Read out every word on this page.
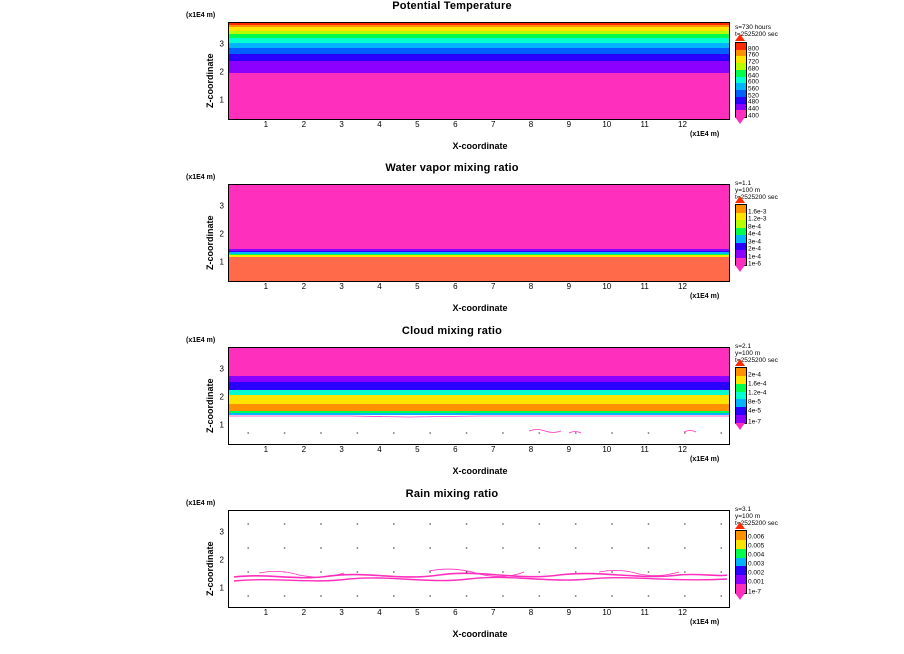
Potential Temperature
(x1E4 m)
Z-coordinate 1
2
3
1	2	3	4	5	6	7	8	9	10	11	12
(x1E4 m)
X-coordinate
s=730 hours
t=2525200 sec
800
760
720
680
640
600
560
520
480
440
400
Water vapor mixing ratio
(x1E4 m)
Z-coordinate 1
2
3
1	2	3	4	5	6	7	8	9	10	11	12
(x1E4 m)
X-coordinate
s=1.1
y=100 m
t=2525200 sec
1.6e-3
1.2e-3
8e-4
4e-4
3e-4
2e-4
1e-4
1e-6
Cloud mixing ratio
(x1E4 m)
Z-coordinate 1
2
3
1	2	3	4	5	6	7	8	9	10	11	12
(x1E4 m)
X-coordinate
s=2.1
y=100 m
t=2525200 sec
2e-4
1.6e-4
1.2e-4
8e-5
4e-5
1e-7
Rain mixing ratio
(x1E4 m)
Z-coordinate 1
2
3
1	2	3	4	5	6	7	8	9	10	11	12
(x1E4 m)
X-coordinate
s=3.1
y=100 m
t=2525200 sec
0.006
0.005
0.004
0.003
0.002
0.001
1e-7
